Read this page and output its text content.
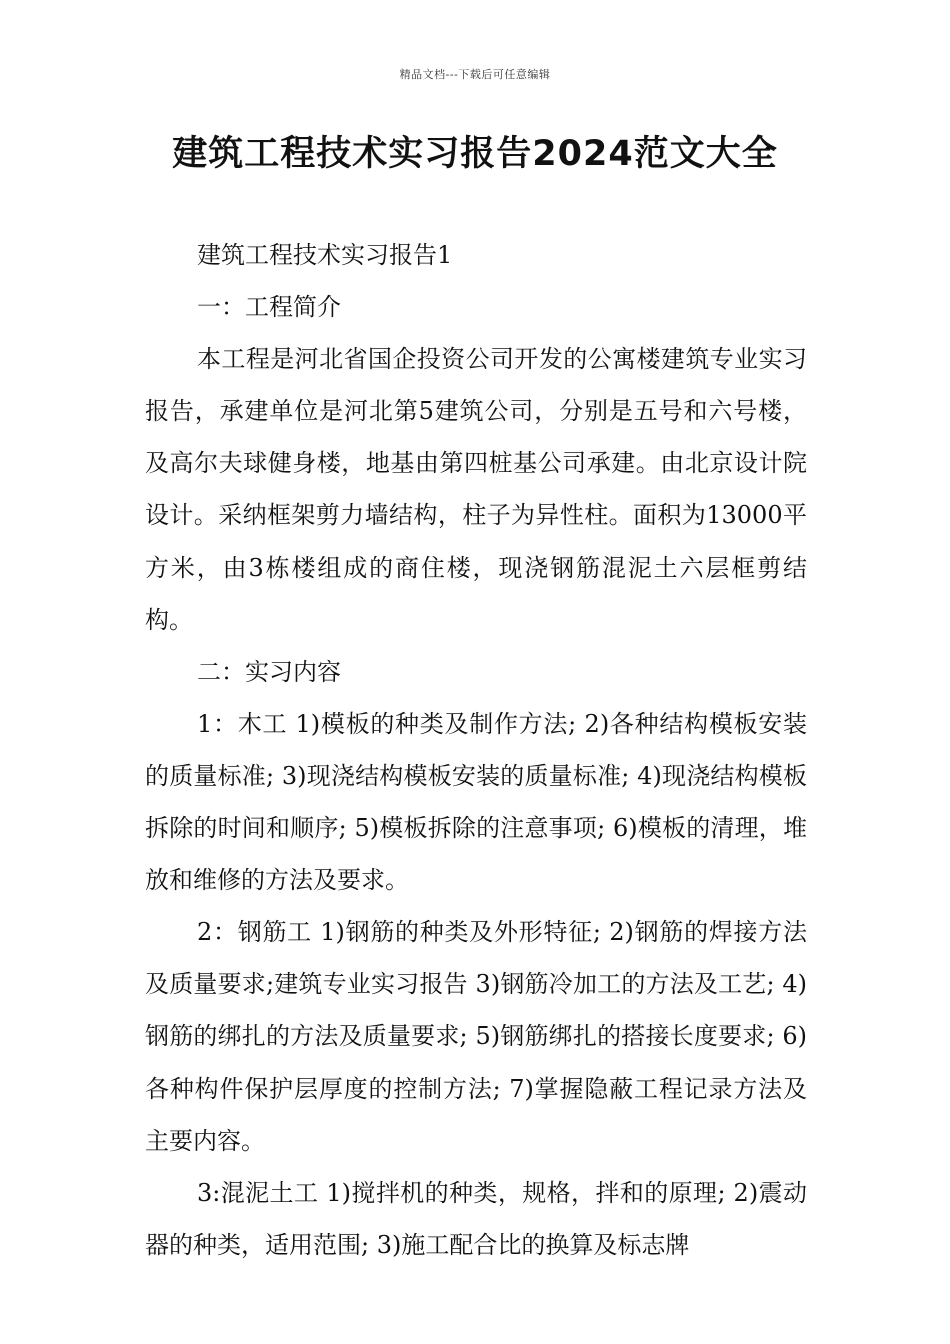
精品文档---下载后可任意编辑
建筑工程技术实习报告2024范文大全

建筑工程技术实习报告1

一：工程简介

本工程是河北省国企投资公司开发的公寓楼建筑专业实习报告，承建单位是河北第5建筑公司，分别是五号和六号楼，及高尔夫球健身楼，地基由第四桩基公司承建。由北京设计院设计。采纳框架剪力墙结构，柱子为异性柱。面积为13000平方米，由3栋楼组成的商住楼，现浇钢筋混泥土六层框剪结构。

二：实习内容

1：木工 1)模板的种类及制作方法; 2)各种结构模板安装的质量标准; 3)现浇结构模板安装的质量标准; 4)现浇结构模板拆除的时间和顺序; 5)模板拆除的注意事项; 6)模板的清理，堆放和维修的方法及要求。

2：钢筋工 1)钢筋的种类及外形特征; 2)钢筋的焊接方法及质量要求;建筑专业实习报告 3)钢筋冷加工的方法及工艺; 4)钢筋的绑扎的方法及质量要求; 5)钢筋绑扎的搭接长度要求; 6)各种构件保护层厚度的控制方法; 7)掌握隐蔽工程记录方法及主要内容。

3:混泥土工 1)搅拌机的种类，规格，拌和的原理; 2)震动器的种类，适用范围; 3)施工配合比的换算及标志牌
